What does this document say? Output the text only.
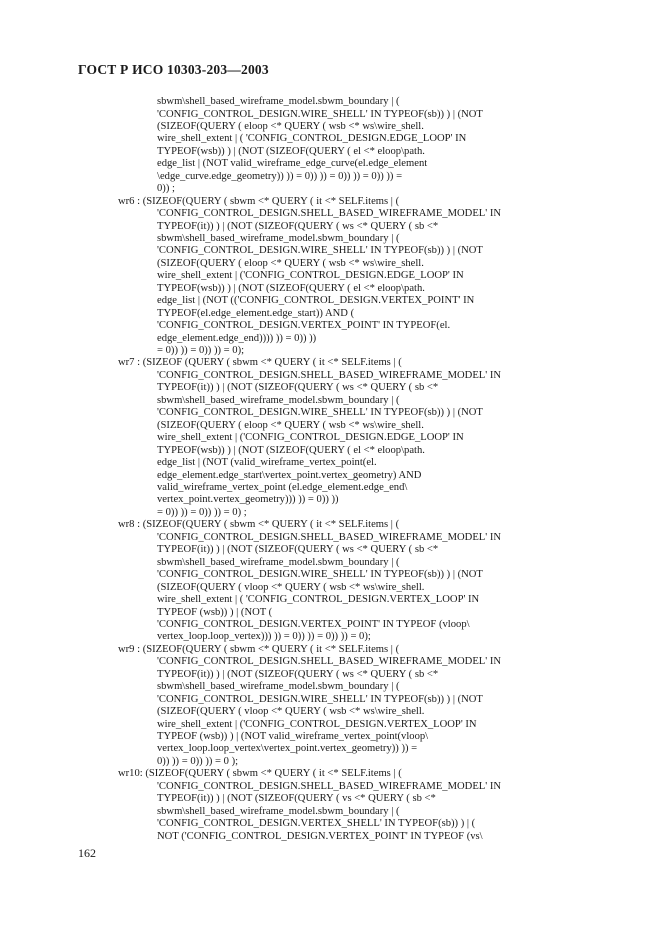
ГОСТ Р ИСО 10303-203—2003
sbwm\shell_based_wireframe_model.sbwm_boundary | (
'CONFIG_CONTROL_DESIGN.WIRE_SHELL' IN TYPEOF(sb)) ) | (NOT
(SIZEOF(QUERY ( eloop <* QUERY ( wsb <* ws\wire_shell.
wire_shell_extent | ( 'CONFIG_CONTROL_DESIGN.EDGE_LOOP' IN
TYPEOF(wsb)) ) | (NOT (SIZEOF(QUERY ( el <* eloop\path.
edge_list | (NOT valid_wireframe_edge_curve(el.edge_element
\edge_curve.edge_geometry)) )) = 0)) )) = 0)) )) = 0)) )) =
0)) ;
wr6 : (SIZEOF(QUERY ( sbwm <* QUERY ( it <* SELF.items | (
'CONFIG_CONTROL_DESIGN.SHELL_BASED_WIREFRAME_MODEL' IN
TYPEOF(it)) ) | (NOT (SIZEOF(QUERY ( ws <* QUERY ( sb <*
sbwm\shell_based_wireframe_model.sbwm_boundary | (
'CONFIG_CONTROL_DESIGN.WIRE_SHELL' IN TYPEOF(sb)) ) | (NOT
(SIZEOF(QUERY ( eloop <* QUERY ( wsb <* ws\wire_shell.
wire_shell_extent | ('CONFIG_CONTROL_DESIGN.EDGE_LOOP' IN
TYPEOF(wsb)) ) | (NOT (SIZEOF(QUERY ( el <* eloop\path.
edge_list | (NOT (('CONFIG_CONTROL_DESIGN.VERTEX_POINT' IN
TYPEOF(el.edge_element.edge_start)) AND (
'CONFIG_CONTROL_DESIGN.VERTEX_POINT' IN TYPEOF(el.
edge_element.edge_end)))) )) = 0)) ))
= 0)) )) = 0)) )) = 0);
wr7 : (SIZEOF (QUERY ( sbwm <* QUERY ( it <* SELF.items | (
'CONFIG_CONTROL_DESIGN.SHELL_BASED_WIREFRAME_MODEL' IN
TYPEOF(it)) ) | (NOT (SIZEOF(QUERY ( ws <* QUERY ( sb <*
sbwm\shell_based_wireframe_model.sbwm_boundary | (
'CONFIG_CONTROL_DESIGN.WIRE_SHELL' IN TYPEOF(sb)) ) | (NOT
(SIZEOF(QUERY ( eloop <* QUERY ( wsb <* ws\wire_shell.
wire_shell_extent | ('CONFIG_CONTROL_DESIGN.EDGE_LOOP' IN
TYPEOF(wsb)) ) | (NOT (SIZEOF(QUERY ( el <* eloop\path.
edge_list | (NOT (valid_wireframe_vertex_point(el.
edge_element.edge_start\vertex_point.vertex_geometry) AND
valid_wireframe_vertex_point (el.edge_element.edge_end\
vertex_point.vertex_geometry))) )) = 0)) ))
= 0)) )) = 0)) )) = 0) ;
wr8 : (SIZEOF(QUERY ( sbwm <* QUERY ( it <* SELF.items | (
'CONFIG_CONTROL_DESIGN.SHELL_BASED_WIREFRAME_MODEL' IN
TYPEOF(it)) ) | (NOT (SIZEOF(QUERY ( ws <* QUERY ( sb <*
sbwm\shell_based_wireframe_model.sbwm_boundary | (
'CONFIG_CONTROL_DESIGN.WIRE_SHELL' IN TYPEOF(sb)) ) | (NOT
(SIZEOF(QUERY ( vloop <* QUERY ( wsb <* ws\wire_shell.
wire_shell_extent | ( 'CONFIG_CONTROL_DESIGN.VERTEX_LOOP' IN
TYPEOF (wsb)) ) | (NOT (
'CONFIG_CONTROL_DESIGN.VERTEX_POINT' IN TYPEOF (vloop\
vertex_loop.loop_vertex))) )) = 0)) )) = 0)) )) = 0);
wr9 : (SIZEOF(QUERY ( sbwm <* QUERY ( it <* SELF.items | (
'CONFIG_CONTROL_DESIGN.SHELL_BASED_WIREFRAME_MODEL' IN
TYPEOF(it)) ) | (NOT (SIZEOF(QUERY ( ws <* QUERY ( sb <*
sbwm\shell_based_wireframe_model.sbwm_boundary | (
'CONFIG_CONTROL_DESIGN.WIRE_SHELL' IN TYPEOF(sb)) ) | (NOT
(SIZEOF(QUERY ( vloop <* QUERY ( wsb <* ws\wire_shell.
wire_shell_extent | ('CONFIG_CONTROL_DESIGN.VERTEX_LOOP' IN
TYPEOF (wsb)) ) | (NOT valid_wireframe_vertex_point(vloop\
vertex_loop.loop_vertex\vertex_point.vertex_geometry)) )) =
0)) )) = 0)) )) = 0 );
wr10: (SIZEOF(QUERY ( sbwm <* QUERY ( it <* SELF.items | (
'CONFIG_CONTROL_DESIGN.SHELL_BASED_WIREFRAME_MODEL' IN
TYPEOF(it)) ) | (NOT (SIZEOF(QUERY ( vs <* QUERY ( sb <*
sbwm\shell_based_wireframe_model.sbwm_boundary | (
'CONFIG_CONTROL_DESIGN.VERTEX_SHELL' IN TYPEOF(sb)) ) | (
NOT ('CONFIG_CONTROL_DESIGN.VERTEX_POINT' IN TYPEOF (vs\
162
